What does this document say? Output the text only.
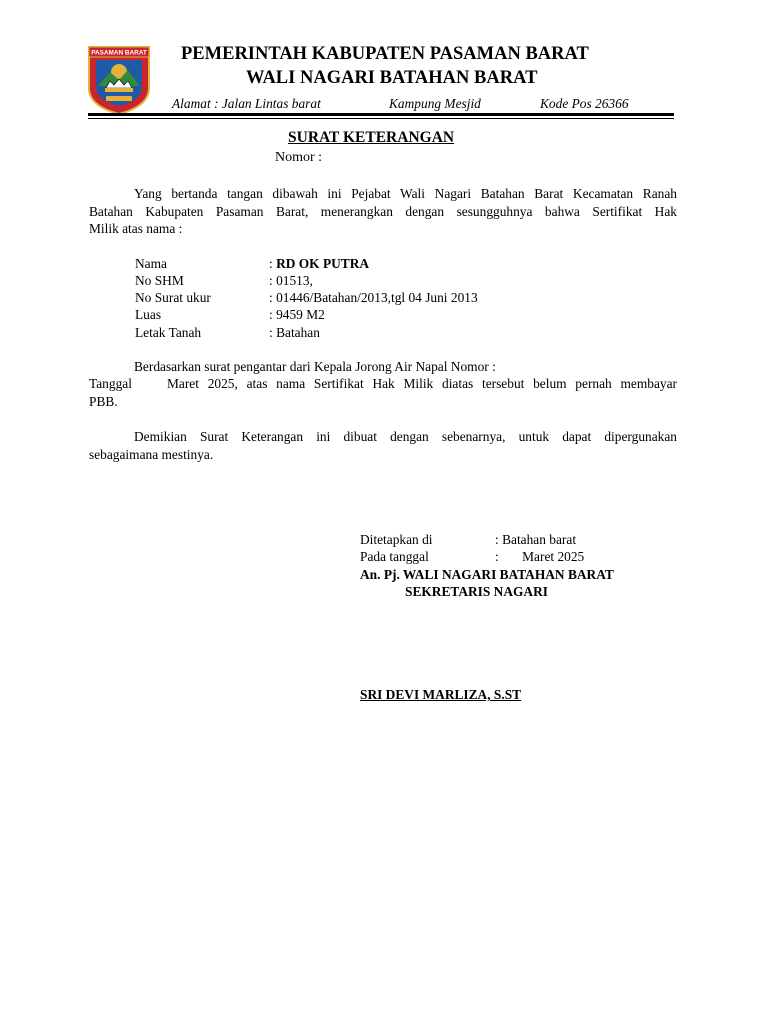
PASAMAN BARAT PEMERINTAH KABUPATEN PASAMAN BARAT
WALI NAGARI BATAHAN BARAT
Alamat : Jalan Lintas barat	Kampung Mesjid	Kode Pos 26366
SURAT KETERANGAN
Nomor :
Yang bertanda tangan dibawah ini Pejabat Wali Nagari Batahan Barat Kecamatan Ranah
Batahan Kabupaten Pasaman Barat, menerangkan dengan sesungguhnya bahwa Sertifikat Hak
Milik atas nama :
Nama	: RD OK PUTRA
No SHM	: 01513,
No Surat ukur	: 01446/Batahan/2013,tgl 04 Juni 2013
Luas	: 9459 M2
Letak Tanah	: Batahan
Berdasarkan surat pengantar dari Kepala Jorong Air Napal Nomor :
Tanggal	Maret 2025, atas nama Sertifikat Hak Milik diatas tersebut belum pernah membayar
PBB.
Demikian Surat Keterangan ini dibuat dengan sebenarnya, untuk dapat dipergunakan
sebagaimana mestinya.
Ditetapkan di	: Batahan barat
Pada tanggal	:       Maret 2025
An. Pj. WALI NAGARI BATAHAN BARAT
SEKRETARIS NAGARI
SRI DEVI MARLIZA, S.ST
